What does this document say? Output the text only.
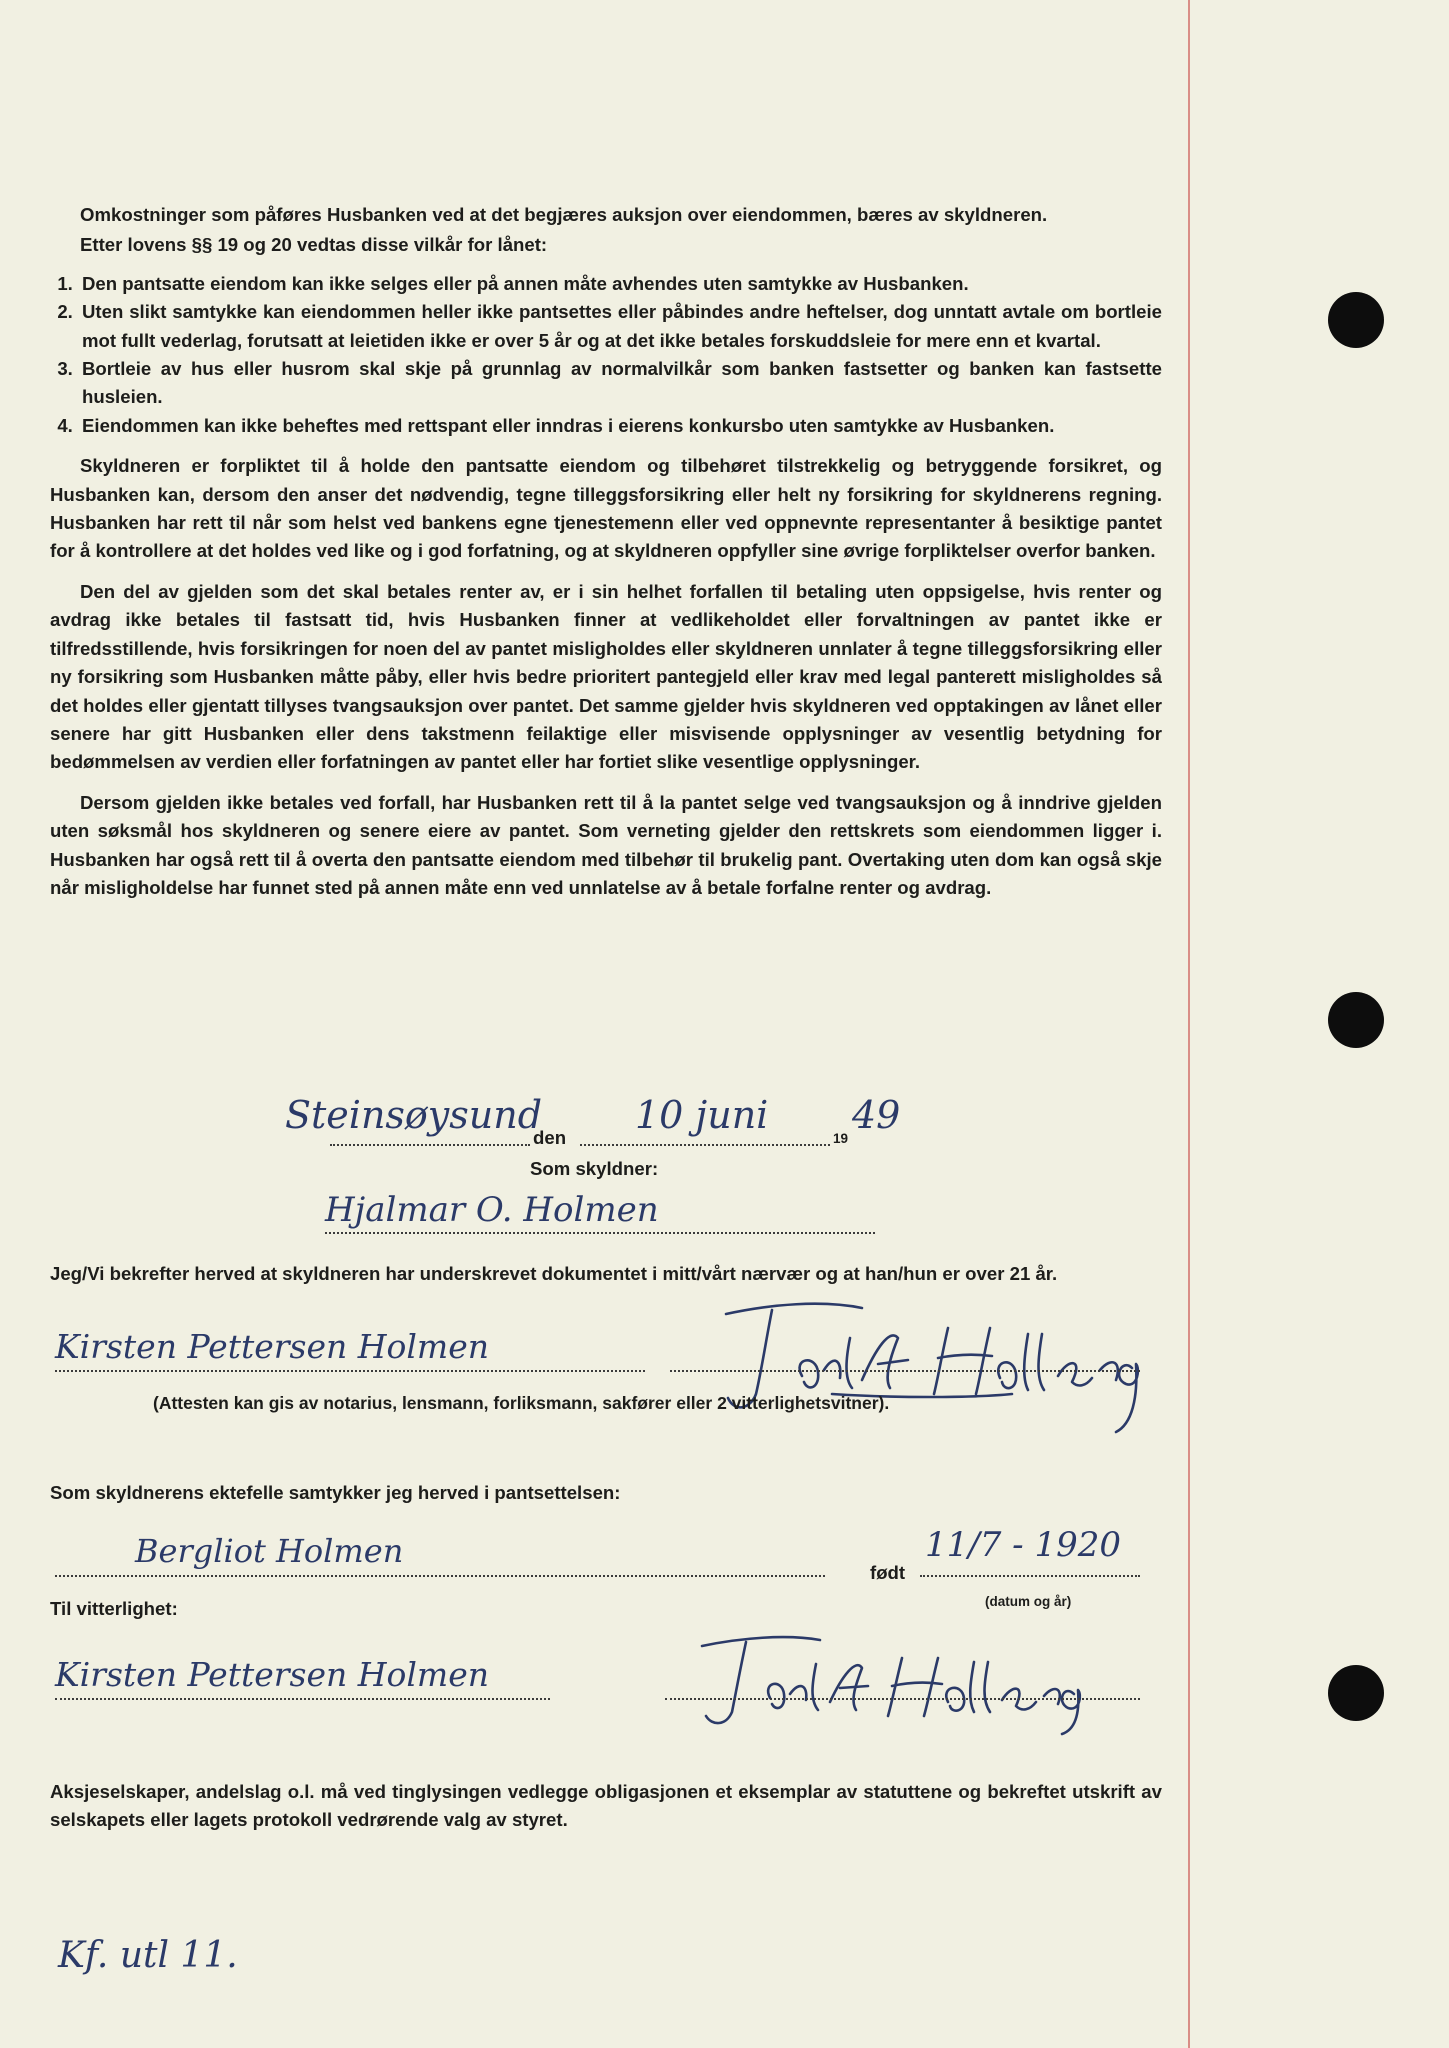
Omkostninger som påføres Husbanken ved at det begjæres auksjon over eiendommen, bæres av skyldneren.

Etter lovens §§ 19 og 20 vedtas disse vilkår for lånet:

1. Den pantsatte eiendom kan ikke selges eller på annen måte avhendes uten samtykke av Husbanken.
2. Uten slikt samtykke kan eiendommen heller ikke pantsettes eller påbindes andre heftelser, dog unntatt avtale om bortleie mot fullt vederlag, forutsatt at leietiden ikke er over 5 år og at det ikke betales forskuddsleie for mere enn et kvartal.
3. Bortleie av hus eller husrom skal skje på grunnlag av normalvilkår som banken fastsetter og banken kan fastsette husleien.
4. Eiendommen kan ikke beheftes med rettspant eller inndras i eierens konkursbo uten samtykke av Husbanken.

Skyldneren er forpliktet til å holde den pantsatte eiendom og tilbehøret tilstrekkelig og betryggende forsikret, og Husbanken kan, dersom den anser det nødvendig, tegne tilleggsforsikring eller helt ny forsikring for skyldnerens regning. Husbanken har rett til når som helst ved bankens egne tjenestemenn eller ved oppnevnte representanter å besiktige pantet for å kontrollere at det holdes ved like og i god forfatning, og at skyldneren oppfyller sine øvrige forpliktelser overfor banken.

Den del av gjelden som det skal betales renter av, er i sin helhet forfallen til betaling uten oppsigelse, hvis renter og avdrag ikke betales til fastsatt tid, hvis Husbanken finner at vedlikeholdet eller forvaltningen av pantet ikke er tilfredsstillende, hvis forsikringen for noen del av pantet misligholdes eller skyldneren unnlater å tegne tilleggsforsikring eller ny forsikring som Husbanken måtte påby, eller hvis bedre prioritert pantegjeld eller krav med legal panterett misligholdes så det holdes eller gjentatt tillyses tvangsauksjon over pantet. Det samme gjelder hvis skyldneren ved opptakingen av lånet eller senere har gitt Husbanken eller dens takstmenn feilaktige eller misvisende opplysninger av vesentlig betydning for bedømmelsen av verdien eller forfatningen av pantet eller har fortiet slike vesentlige opplysninger.

Dersom gjelden ikke betales ved forfall, har Husbanken rett til å la pantet selge ved tvangsauksjon og å inndrive gjelden uten søksmål hos skyldneren og senere eiere av pantet. Som verneting gjelder den rettskrets som eiendommen ligger i. Husbanken har også rett til å overta den pantsatte eiendom med tilbehør til brukelig pant. Overtaking uten dom kan også skje når misligholdelse har funnet sted på annen måte enn ved unnlatelse av å betale forfalne renter og avdrag.

Steinsøysund
den
10 juni
19
49
Som skyldner:
Hjalmar O. Holmen

Jeg/Vi bekrefter herved at skyldneren har underskrevet dokumentet i mitt/vårt nærvær og at han/hun er over 21 år.

Kirsten Pettersen Holmen
(Attesten kan gis av notarius, lensmann, forliksmann, sakfører eller 2 vitterlighetsvitner).
Som skyldnerens ektefelle samtykker jeg herved i pantsettelsen:
Bergliot Holmen
født
11/7 - 1920
(datum og år)
Til vitterlighet:
Kirsten Pettersen Holmen

Aksjeselskaper, andelslag o.l. må ved tinglysingen vedlegge obligasjonen et eksemplar av statuttene og bekreftet utskrift av selskapets eller lagets protokoll vedrørende valg av styret.

Kf. utl 11.
